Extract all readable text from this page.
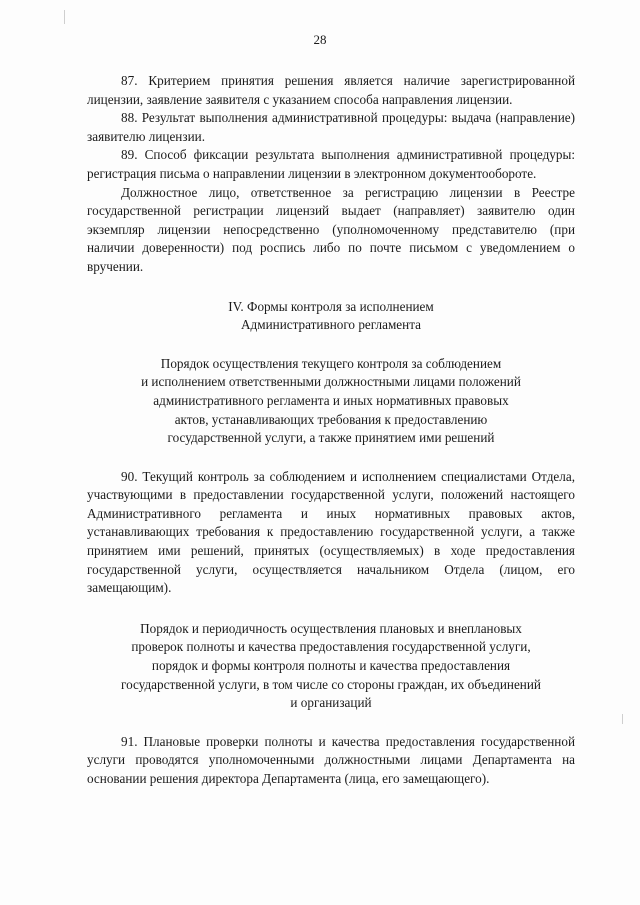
28

87. Критерием принятия решения является наличие зарегистрированной лицензии, заявление заявителя с указанием способа направления лицензии.

88. Результат выполнения административной процедуры: выдача (направление) заявителю лицензии.

89. Способ фиксации результата выполнения административной процедуры: регистрация письма о направлении лицензии в электронном документообороте.

Должностное лицо, ответственное за регистрацию лицензии в Реестре государственной регистрации лицензий выдает (направляет) заявителю один экземпляр лицензии непосредственно (уполномоченному представителю (при наличии доверенности) под роспись либо по почте письмом с уведомлением о вручении.

IV. Формы контроля за исполнением
Административного регламента
Порядок осуществления текущего контроля за соблюдением
и исполнением ответственными должностными лицами положений
административного регламента и иных нормативных правовых
актов, устанавливающих требования к предоставлению
государственной услуги, а также принятием ими решений

90. Текущий контроль за соблюдением и исполнением специалистами Отдела, участвующими в предоставлении государственной услуги, положений настоящего Административного регламента и иных нормативных правовых актов, устанавливающих требования к предоставлению государственной услуги, а также принятием ими решений, принятых (осуществляемых) в ходе предоставления государственной услуги, осуществляется начальником Отдела (лицом, его замещающим).

Порядок и периодичность осуществления плановых и внеплановых
проверок полноты и качества предоставления государственной услуги,
порядок и формы контроля полноты и качества предоставления
государственной услуги, в том числе со стороны граждан, их объединений
и организаций

91. Плановые проверки полноты и качества предоставления государственной услуги проводятся уполномоченными должностными лицами Департамента на основании решения директора Департамента (лица, его замещающего).
